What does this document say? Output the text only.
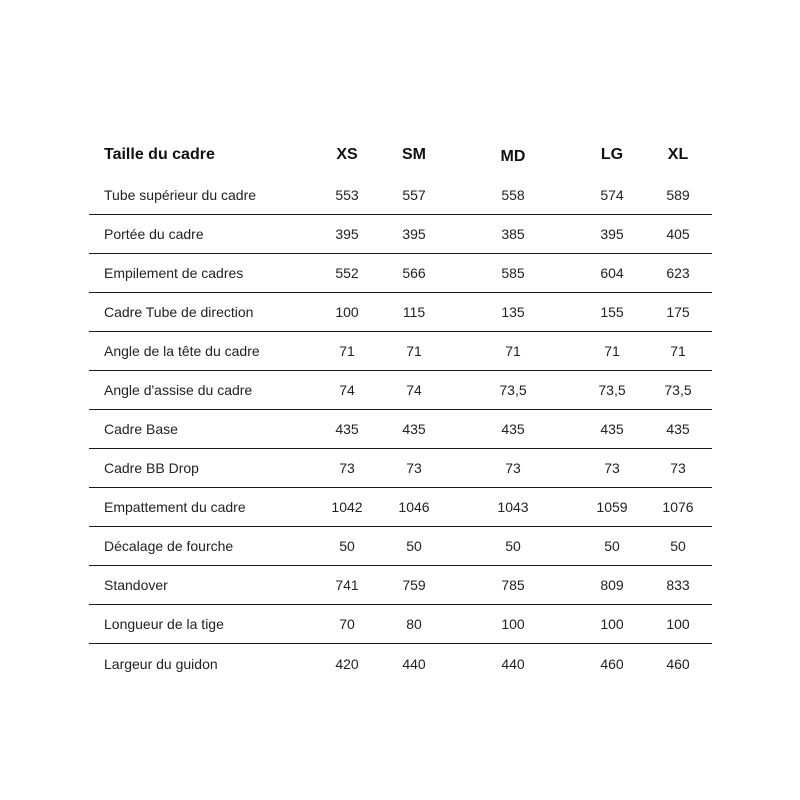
Taille du cadre	XS	SM	MD	LG	XL
Tube supérieur du cadre	553	557	558	574	589
Portée du cadre	395	395	385	395	405
Empilement de cadres	552	566	585	604	623
Cadre Tube de direction	100	115	135	155	175
Angle de la tête du cadre	71	71	71	71	71
Angle d'assise du cadre	74	74	73,5	73,5	73,5
Cadre Base	435	435	435	435	435
Cadre BB Drop	73	73	73	73	73
Empattement du cadre	1042	1046	1043	1059	1076
Décalage de fourche	50	50	50	50	50
Standover	741	759	785	809	833
Longueur de la tige	70	80	100	100	100
Largeur du guidon	420	440	440	460	460
